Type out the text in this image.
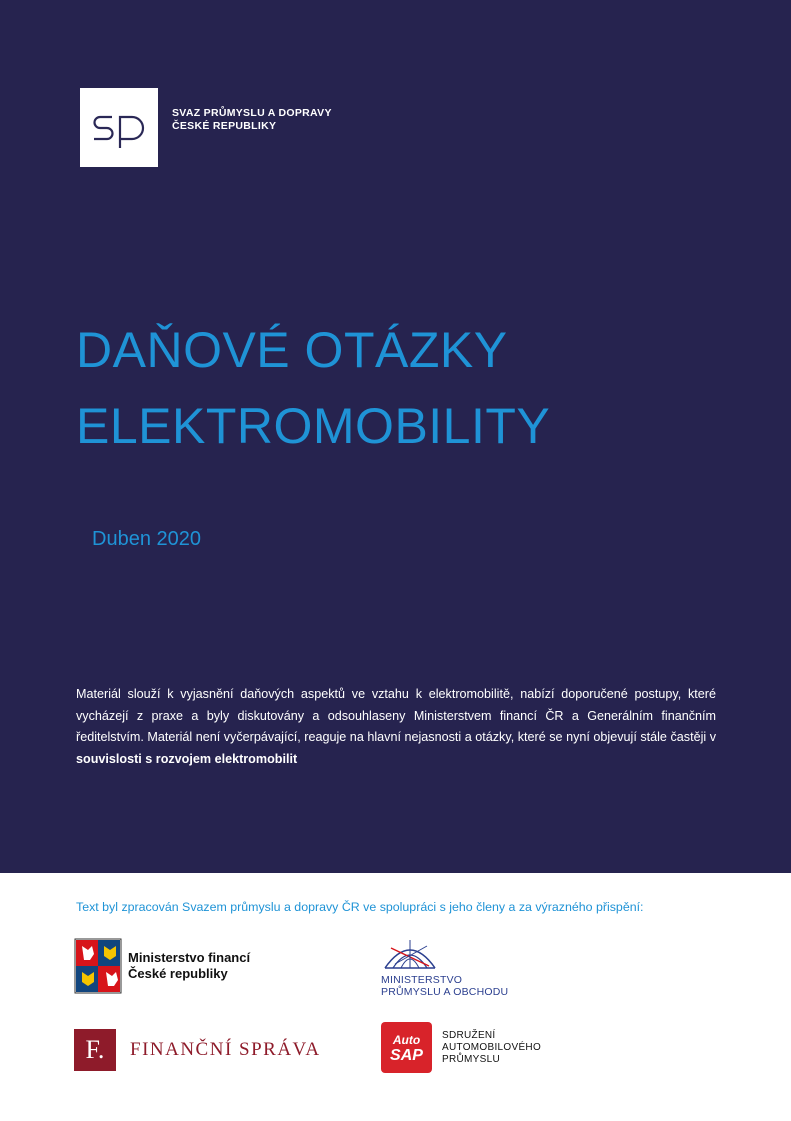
SVAZ PRŮMYSLU A DOPRAVY
ČESKÉ REPUBLIKY
DAŇOVÉ OTÁZKY
ELEKTROMOBILITY
Duben 2020

Materiál slouží k vyjasnění daňových aspektů ve vztahu k elektromobilitě, nabízí doporučené postupy, které vycházejí z praxe a byly diskutovány a odsouhlaseny Ministerstvem financí ČR a Generálním finančním ředitelstvím. Materiál není vyčerpávající, reaguje na hlavní nejasnosti a otázky, které se nyní objevují stále častěji v souvislosti s rozvojem elektromobilit

Text byl zpracován Svazem průmyslu a dopravy ČR ve spolupráci s jeho členy a za výrazného přispění:
Ministerstvo financí
České republiky	MINISTERSTVO
PRŮMYSLU A OBCHODU
F.	FINANČNÍ SPRÁVA	Auto
SAP
SDRUŽENÍ
AUTOMOBILOVÉHO
PRŮMYSLU
